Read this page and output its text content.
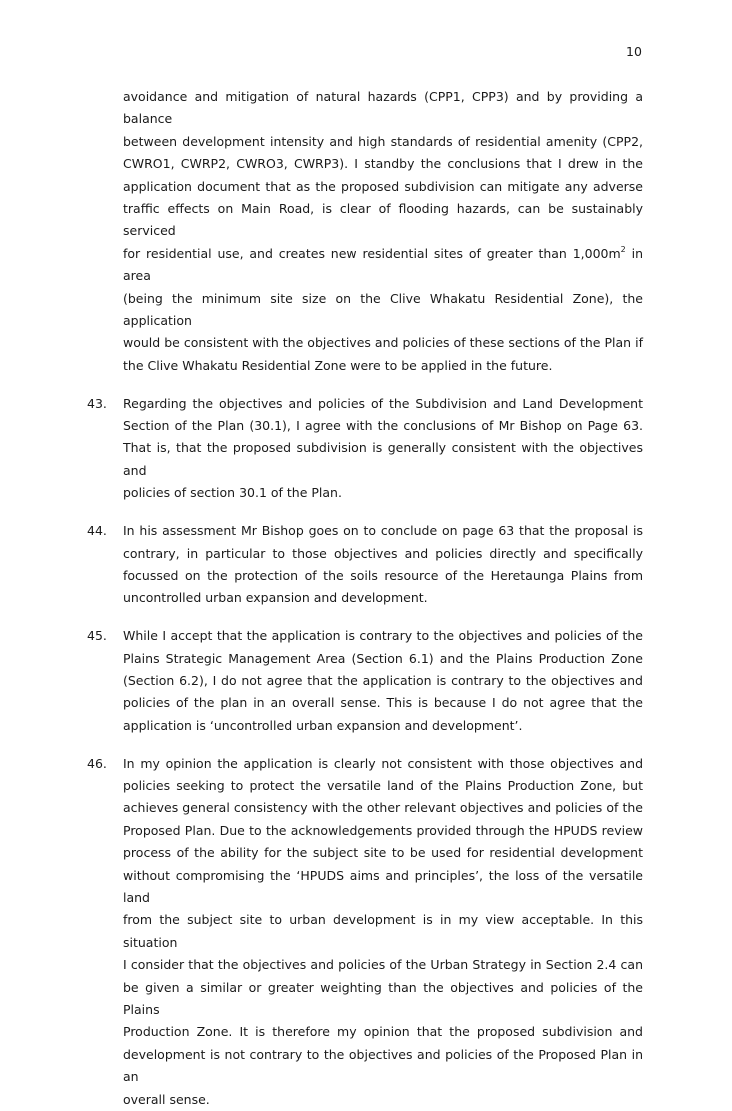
10

avoidance and mitigation of natural hazards (CPP1, CPP3) and by providing a balance
between development intensity and high standards of residential amenity (CPP2,
CWRO1, CWRP2, CWRO3, CWRP3). I standby the conclusions that I drew in the
application document that as the proposed subdivision can mitigate any adverse
traffic effects on Main Road, is clear of flooding hazards, can be sustainably serviced
for residential use, and creates new residential sites of greater than $1,000m^2$ in area
(being the minimum site size on the Clive Whakatu Residential Zone), the application
would be consistent with the objectives and policies of these sections of the Plan if
the Clive Whakatu Residential Zone were to be applied in the future.

43.	Regarding the objectives and policies of the Subdivision and Land Development
Section of the Plan (30.1), I agree with the conclusions of Mr Bishop on Page 63.
That is, that the proposed subdivision is generally consistent with the objectives and
policies of section 30.1 of the Plan.

44.	In his assessment Mr Bishop goes on to conclude on page 63 that the proposal is
contrary, in particular to those objectives and policies directly and specifically
focussed on the protection of the soils resource of the Heretaunga Plains from
uncontrolled urban expansion and development.

45.	While I accept that the application is contrary to the objectives and policies of the
Plains Strategic Management Area (Section 6.1) and the Plains Production Zone
(Section 6.2), I do not agree that the application is contrary to the objectives and
policies of the plan in an overall sense. This is because I do not agree that the
application is ‘uncontrolled urban expansion and development’.

46.	In my opinion the application is clearly not consistent with those objectives and
policies seeking to protect the versatile land of the Plains Production Zone, but
achieves general consistency with the other relevant objectives and policies of the
Proposed Plan. Due to the acknowledgements provided through the HPUDS review
process of the ability for the subject site to be used for residential development
without compromising the ‘HPUDS aims and principles’, the loss of the versatile land
from the subject site to urban development is in my view acceptable. In this situation
I consider that the objectives and policies of the Urban Strategy in Section 2.4 can
be given a similar or greater weighting than the objectives and policies of the Plains
Production Zone. It is therefore my opinion that the proposed subdivision and
development is not contrary to the objectives and policies of the Proposed Plan in an
overall sense.
